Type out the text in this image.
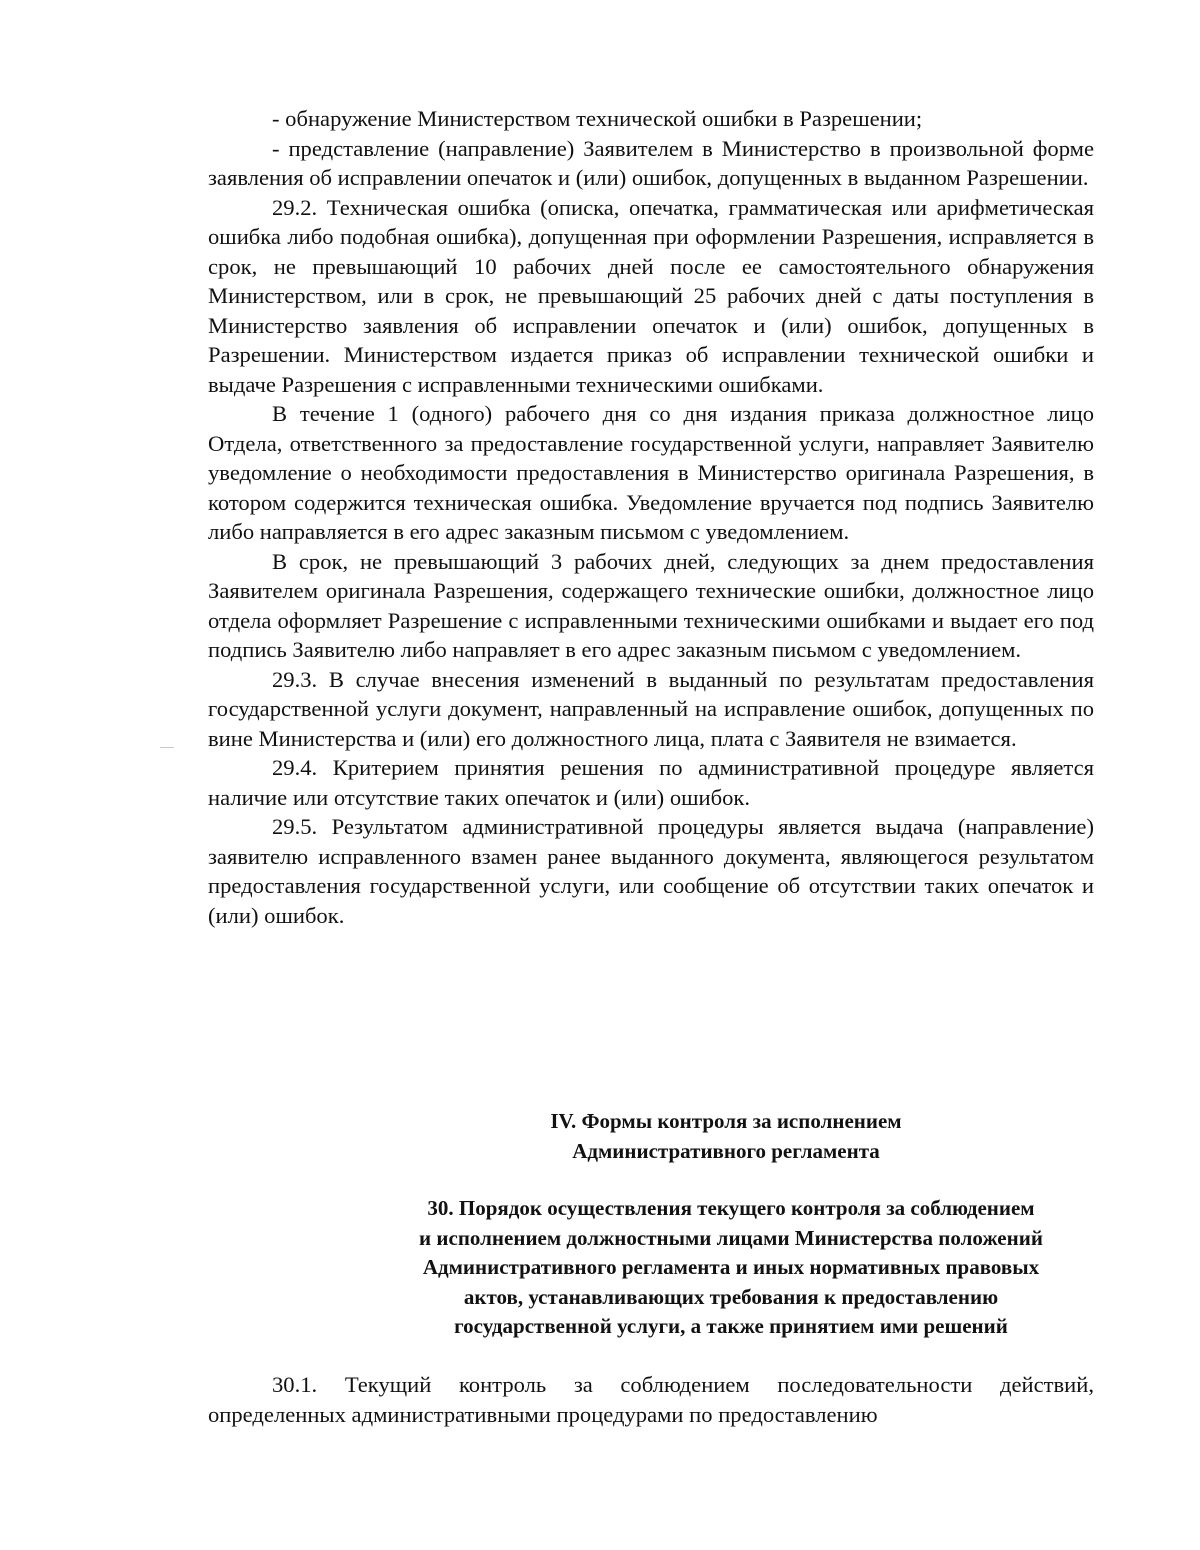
- обнаружение Министерством технической ошибки в Разрешении;

- представление (направление) Заявителем в Министерство в произвольной форме заявления об исправлении опечаток и (или) ошибок, допущенных в выданном Разрешении.

29.2. Техническая ошибка (описка, опечатка, грамматическая или арифметическая ошибка либо подобная ошибка), допущенная при оформлении Разрешения, исправляется в срок, не превышающий 10 рабочих дней после ее самостоятельного обнаружения Министерством, или в срок, не превышающий 25 рабочих дней с даты поступления в Министерство заявления об исправлении опечаток и (или) ошибок, допущенных в Разрешении. Министерством издается приказ об исправлении технической ошибки и выдаче Разрешения с исправленными техническими ошибками.

В течение 1 (одного) рабочего дня со дня издания приказа должностное лицо Отдела, ответственного за предоставление государственной услуги, направляет Заявителю уведомление о необходимости предоставления в Министерство оригинала Разрешения, в котором содержится техническая ошибка. Уведомление вручается под подпись Заявителю либо направляется в его адрес заказным письмом с уведомлением.

В срок, не превышающий 3 рабочих дней, следующих за днем предоставления Заявителем оригинала Разрешения, содержащего технические ошибки, должностное лицо отдела оформляет Разрешение с исправленными техническими ошибками и выдает его под подпись Заявителю либо направляет в его адрес заказным письмом с уведомлением.

29.3. В случае внесения изменений в выданный по результатам предоставления государственной услуги документ, направленный на исправление ошибок, допущенных по вине Министерства и (или) его должностного лица, плата с Заявителя не взимается.

29.4. Критерием принятия решения по административной процедуре является наличие или отсутствие таких опечаток и (или) ошибок.

29.5. Результатом административной процедуры является выдача (направление) заявителю исправленного взамен ранее выданного документа, являющегося результатом предоставления государственной услуги, или сообщение об отсутствии таких опечаток и (или) ошибок.

IV. Формы контроля за исполнением
Административного регламента
30. Порядок осуществления текущего контроля за соблюдением
и исполнением должностными лицами Министерства положений
Административного регламента и иных нормативных правовых
актов, устанавливающих требования к предоставлению
государственной услуги, а также принятием ими решений

30.1. Текущий контроль за соблюдением последовательности действий, определенных административными процедурами по предоставлению
